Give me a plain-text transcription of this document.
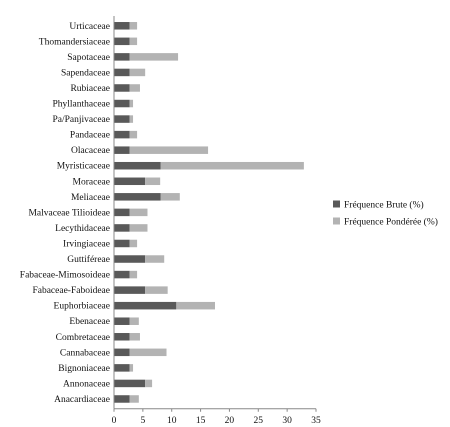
Urticaceae
Thomandersiaceae
Sapotaceae
Sapendaceae
Rubiaceae
Phyllanthaceae
Pa/Panjivaceae
Pandaceae
Olacaceae
Myristicaceae
Moraceae
Meliaceae
Malvaceae Tilioideae
Lecythidaceae
Irvingiaceae
Guttiféreae
Fabaceae-Mimosoideae
Fabaceae-Faboideae
Euphorbiaceae
Ebenaceae
Combretaceae
Cannabaceae
Bignoniaceae
Annonaceae
Anacardiaceae
0	5 10 15 20 25 30 35
Fréquence Brute (%)
Fréquence Pondérée (%)
